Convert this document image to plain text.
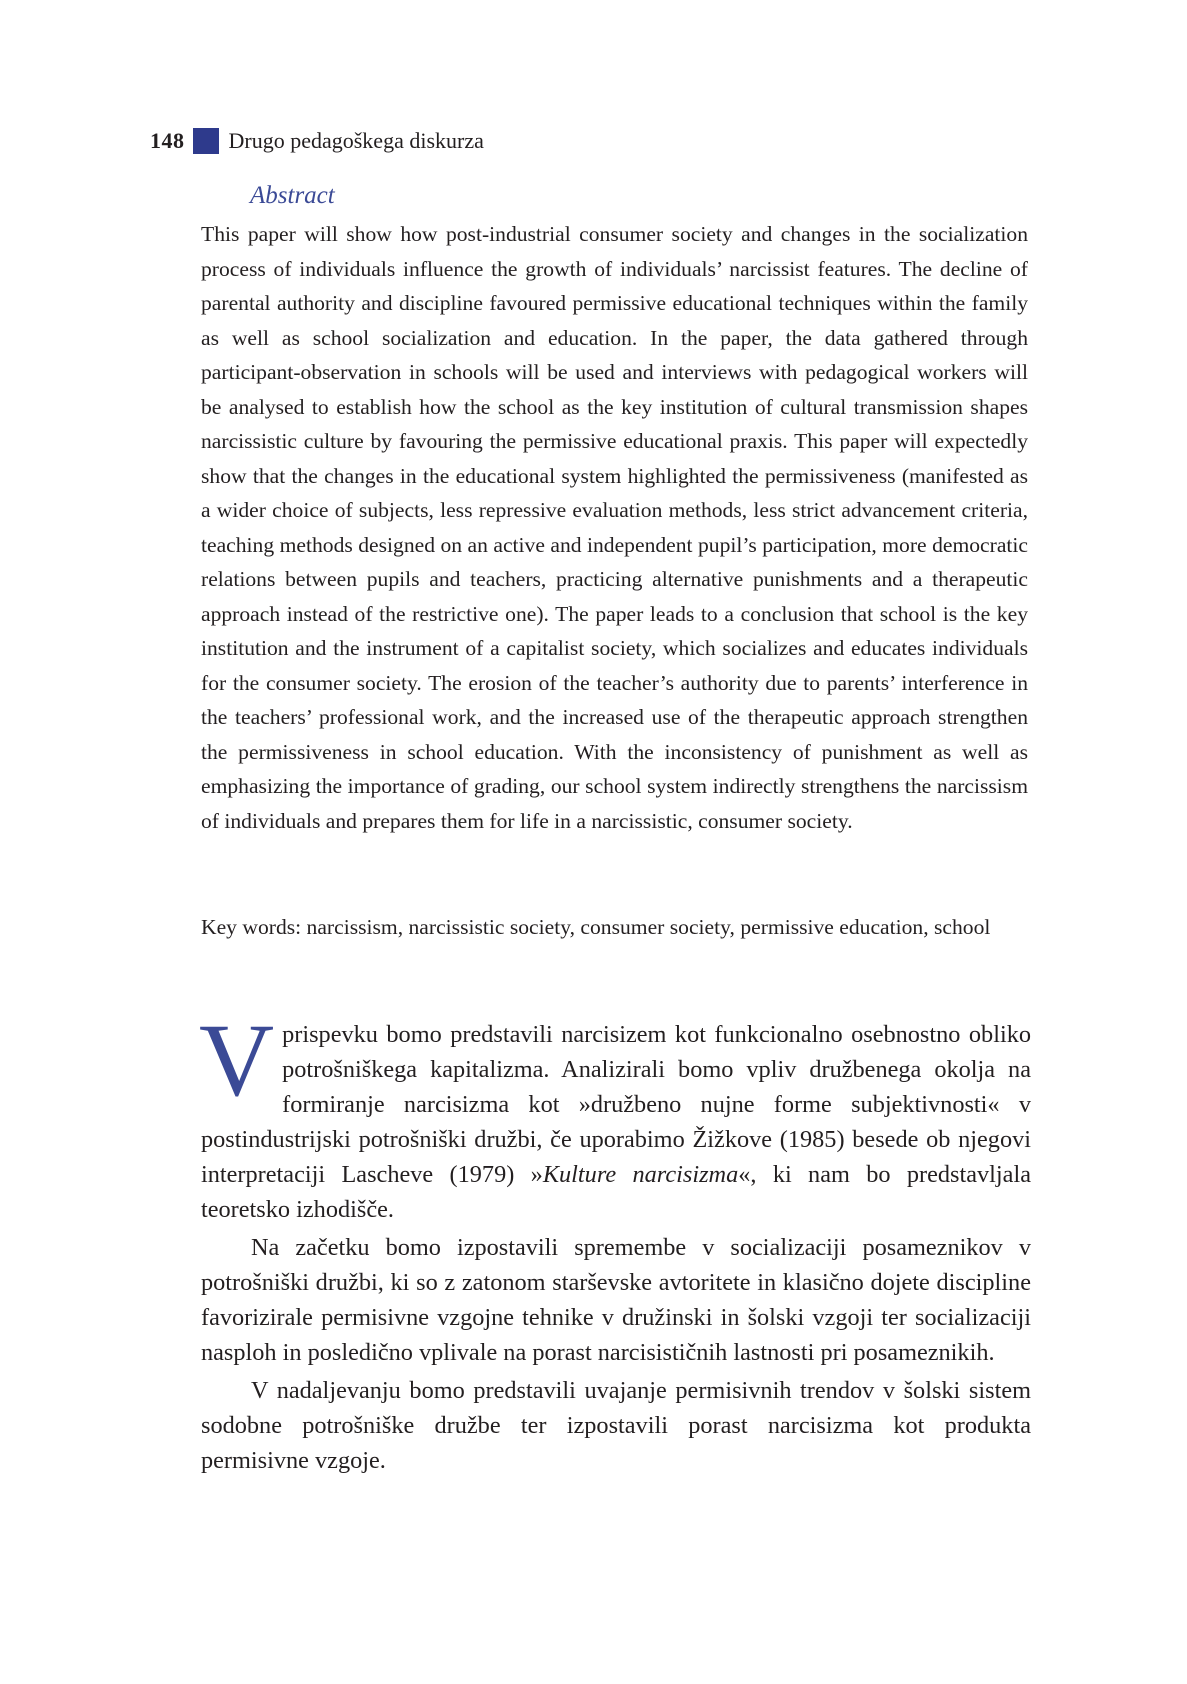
148 Drugo pedagoškega diskurza
Abstract

This paper will show how post-industrial consumer society and changes in the socialization process of individuals influence the growth of individuals’ narcissist features. The decline of parental authority and discipline favoured permissive educational techniques within the family as well as school socialization and education. In the paper, the data gathered through participant-observation in schools will be used and interviews with pedagogical workers will be analysed to establish how the school as the key institution of cultural transmission shapes narcissistic culture by favouring the permissive educational praxis. This paper will expectedly show that the changes in the educational system highlighted the permissiveness (manifested as a wider choice of subjects, less repressive evaluation methods, less strict advancement criteria, teaching methods designed on an active and independent pupil’s participation, more democratic relations between pupils and teachers, practicing alternative punishments and a therapeutic approach instead of the restrictive one). The paper leads to a conclusion that school is the key institution and the instrument of a capitalist society, which socializes and educates individuals for the consumer society. The erosion of the teacher’s authority due to parents’ interference in the teachers’ professional work, and the increased use of the therapeutic approach strengthen the permissiveness in school education. With the inconsistency of punishment as well as emphasizing the importance of grading, our school system indirectly strengthens the narcissism of individuals and prepares them for life in a narcissistic, consumer society.

Key words: narcissism, narcissistic society, consumer society, permissive education, school

V prispevku bomo predstavili narcisizem kot funkcionalno osebnostno obliko potrošniškega kapitalizma. Analizirali bomo vpliv družbenega okolja na formiranje narcisizma kot »družbeno nujne forme subjektivnosti« v postindustrijski potrošniški družbi, če uporabimo Žižkove (1985) besede ob njegovi interpretaciji Lascheve (1979) »Kulture narcisizma«, ki nam bo predstavljala teoretsko izhodišče.

Na začetku bomo izpostavili spremembe v socializaciji posameznikov v potrošniški družbi, ki so z zatonom starševske avtoritete in klasično dojete discipline favorizirale permisivne vzgojne tehnike v družinski in šolski vzgoji ter socializaciji nasploh in posledično vplivale na porast narcisističnih lastnosti pri posameznikih.

V nadaljevanju bomo predstavili uvajanje permisivnih trendov v šolski sistem sodobne potrošniške družbe ter izpostavili porast narcisizma kot produkta permisivne vzgoje.
